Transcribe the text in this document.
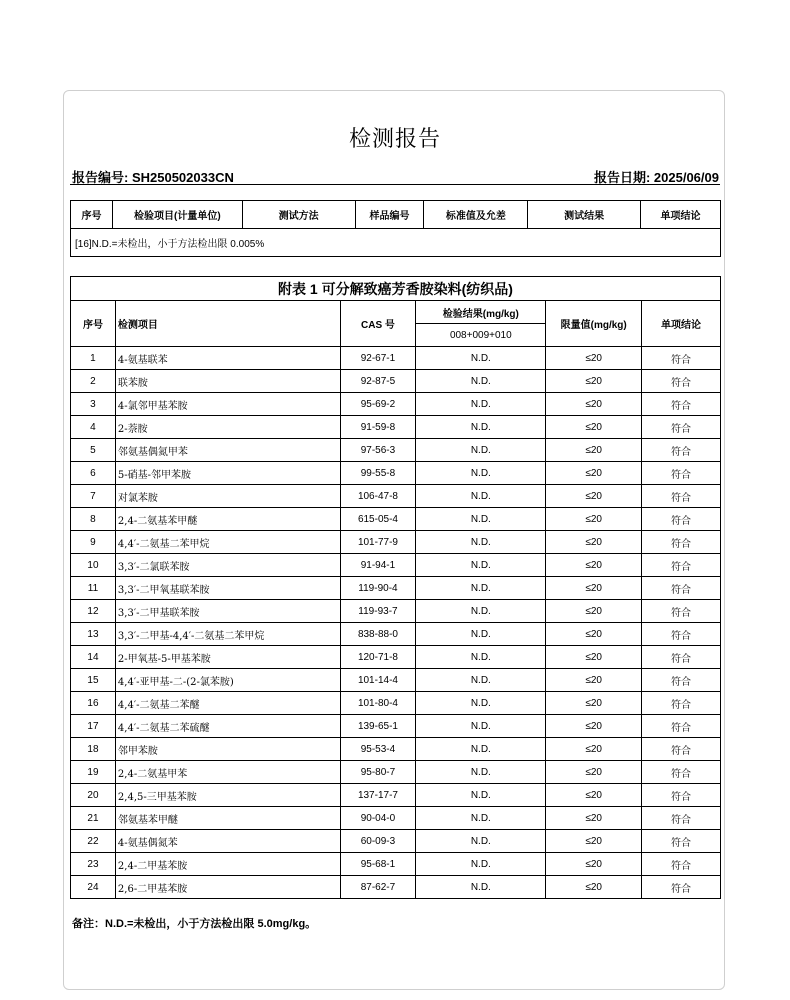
检测报告
报告编号: SH250502033CN	报告日期: 2025/06/09
序号	检验项目(计量单位)	测试方法	样品编号	标准值及允差	测试结果	单项结论
[16]N.D.=未检出，小于方法检出限 0.005%
附表 1 可分解致癌芳香胺染料(纺织品)					
序号	检测项目	CAS 号	检验结果(mg/kg)	限量值(mg/kg)	单项结论
			008+009+010		
1	4-氨基联苯	92-67-1	N.D.	≤20	符合
2	联苯胺	92-87-5	N.D.	≤20	符合
3	4-氯邻甲基苯胺	95-69-2	N.D.	≤20	符合
4	2-萘胺	91-59-8	N.D.	≤20	符合
5	邻氨基偶氮甲苯	97-56-3	N.D.	≤20	符合
6	5-硝基-邻甲苯胺	99-55-8	N.D.	≤20	符合
7	对氯苯胺	106-47-8	N.D.	≤20	符合
8	2,4-二氨基苯甲醚	615-05-4	N.D.	≤20	符合
9	4,4′-二氨基二苯甲烷	101-77-9	N.D.	≤20	符合
10	3,3′-二氯联苯胺	91-94-1	N.D.	≤20	符合
11	3,3′-二甲氧基联苯胺	119-90-4	N.D.	≤20	符合
12	3,3′-二甲基联苯胺	119-93-7	N.D.	≤20	符合
13	3,3′-二甲基-4,4′-二氨基二苯甲烷	838-88-0	N.D.	≤20	符合
14	2-甲氧基-5-甲基苯胺	120-71-8	N.D.	≤20	符合
15	4,4′-亚甲基-二-(2-氯苯胺)	101-14-4	N.D.	≤20	符合
16	4,4′-二氨基二苯醚	101-80-4	N.D.	≤20	符合
17	4,4′-二氨基二苯硫醚	139-65-1	N.D.	≤20	符合
18	邻甲苯胺	95-53-4	N.D.	≤20	符合
19	2,4-二氨基甲苯	95-80-7	N.D.	≤20	符合
20	2,4,5-三甲基苯胺	137-17-7	N.D.	≤20	符合
21	邻氨基苯甲醚	90-04-0	N.D.	≤20	符合
22	4-氨基偶氮苯	60-09-3	N.D.	≤20	符合
23	2,4-二甲基苯胺	95-68-1	N.D.	≤20	符合
24	2,6-二甲基苯胺	87-62-7	N.D.	≤20	符合
备注：N.D.=未检出，小于方法检出限 5.0mg/kg。
